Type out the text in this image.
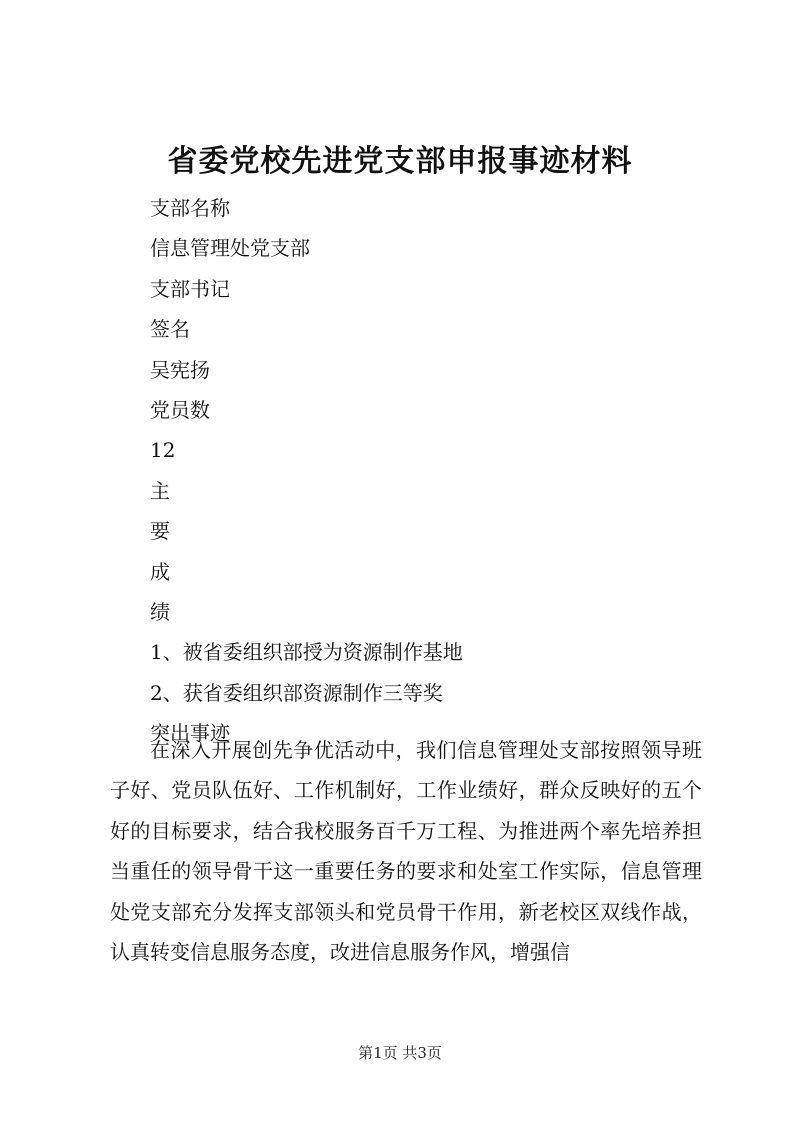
省委党校先进党支部申报事迹材料
支部名称
信息管理处党支部
支部书记
签名
吴宪扬
党员数
12
主
要
成
绩
1、被省委组织部授为资源制作基地
2、获省委组织部资源制作三等奖
突出事迹

在深入开展创先争优活动中，我们信息管理处支部按照领导班子好、党员队伍好、工作机制好，工作业绩好，群众反映好的五个好的目标要求，结合我校服务百千万工程、为推进两个率先培养担当重任的领导骨干这一重要任务的要求和处室工作实际，信息管理处党支部充分发挥支部领头和党员骨干作用，新老校区双线作战，认真转变信息服务态度，改进信息服务作风，增强信

第1页 共3页
